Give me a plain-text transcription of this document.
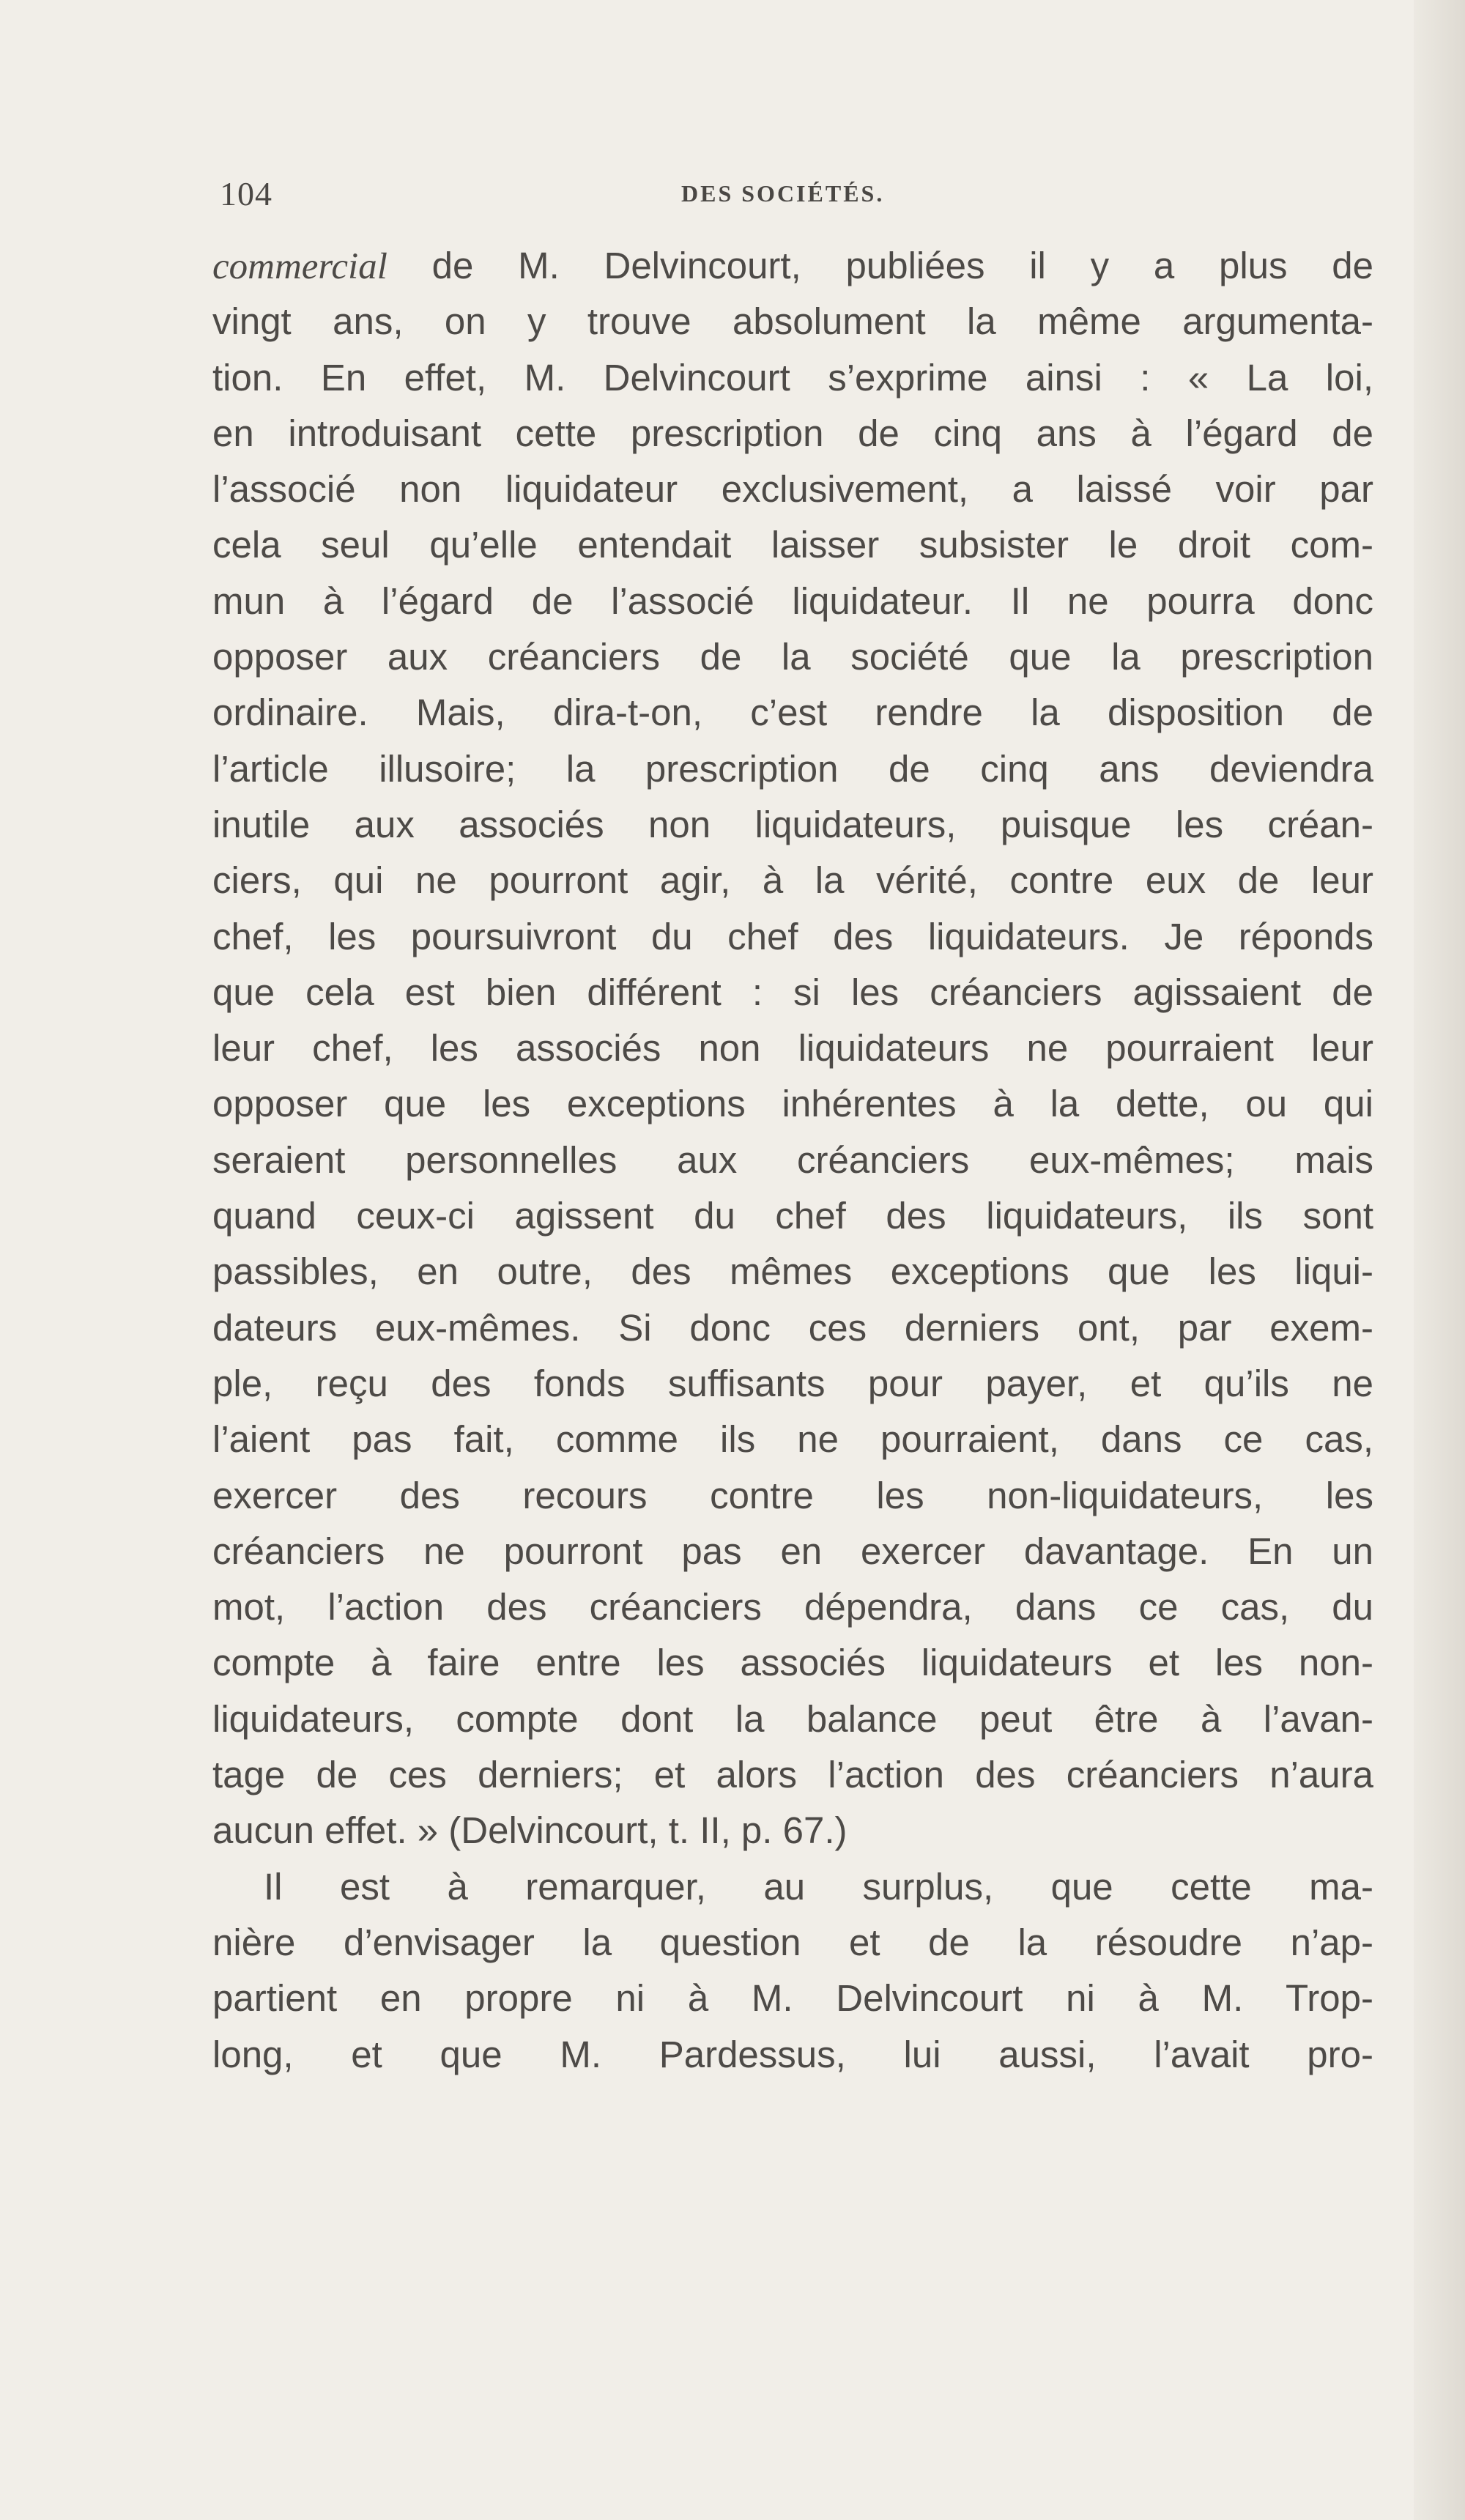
104	DES SOCIÉTÉS.
commercial de M. Delvincourt, publiées il y a plus de
vingt ans, on y trouve absolument la même argumenta-
tion. En effet, M. Delvincourt s’exprime ainsi : « La loi,
en introduisant cette prescription de cinq ans à l’égard de
l’associé non liquidateur exclusivement, a laissé voir par
cela seul qu’elle entendait laisser subsister le droit com-
mun à l’égard de l’associé liquidateur. Il ne pourra donc
opposer aux créanciers de la société que la prescription
ordinaire. Mais, dira-t-on, c’est rendre la disposition de
l’article illusoire; la prescription de cinq ans deviendra
inutile aux associés non liquidateurs, puisque les créan-
ciers, qui ne pourront agir, à la vérité, contre eux de leur
chef, les poursuivront du chef des liquidateurs. Je réponds
que cela est bien différent : si les créanciers agissaient de
leur chef, les associés non liquidateurs ne pourraient leur
opposer que les exceptions inhérentes à la dette, ou qui
seraient personnelles aux créanciers eux-mêmes; mais
quand ceux-ci agissent du chef des liquidateurs, ils sont
passibles, en outre, des mêmes exceptions que les liqui-
dateurs eux-mêmes. Si donc ces derniers ont, par exem-
ple, reçu des fonds suffisants pour payer, et qu’ils ne
l’aient pas fait, comme ils ne pourraient, dans ce cas,
exercer des recours contre les non-liquidateurs, les
créanciers ne pourront pas en exercer davantage. En un
mot, l’action des créanciers dépendra, dans ce cas, du
compte à faire entre les associés liquidateurs et les non-
liquidateurs, compte dont la balance peut être à l’avan-
tage de ces derniers; et alors l’action des créanciers n’aura
aucun effet. » (Delvincourt, t. II, p. 67.)
Il est à remarquer, au surplus, que cette ma-
nière d’envisager la question et de la résoudre n’ap-
partient en propre ni à M. Delvincourt ni à M. Trop-
long, et que M. Pardessus, lui aussi, l’avait pro-
